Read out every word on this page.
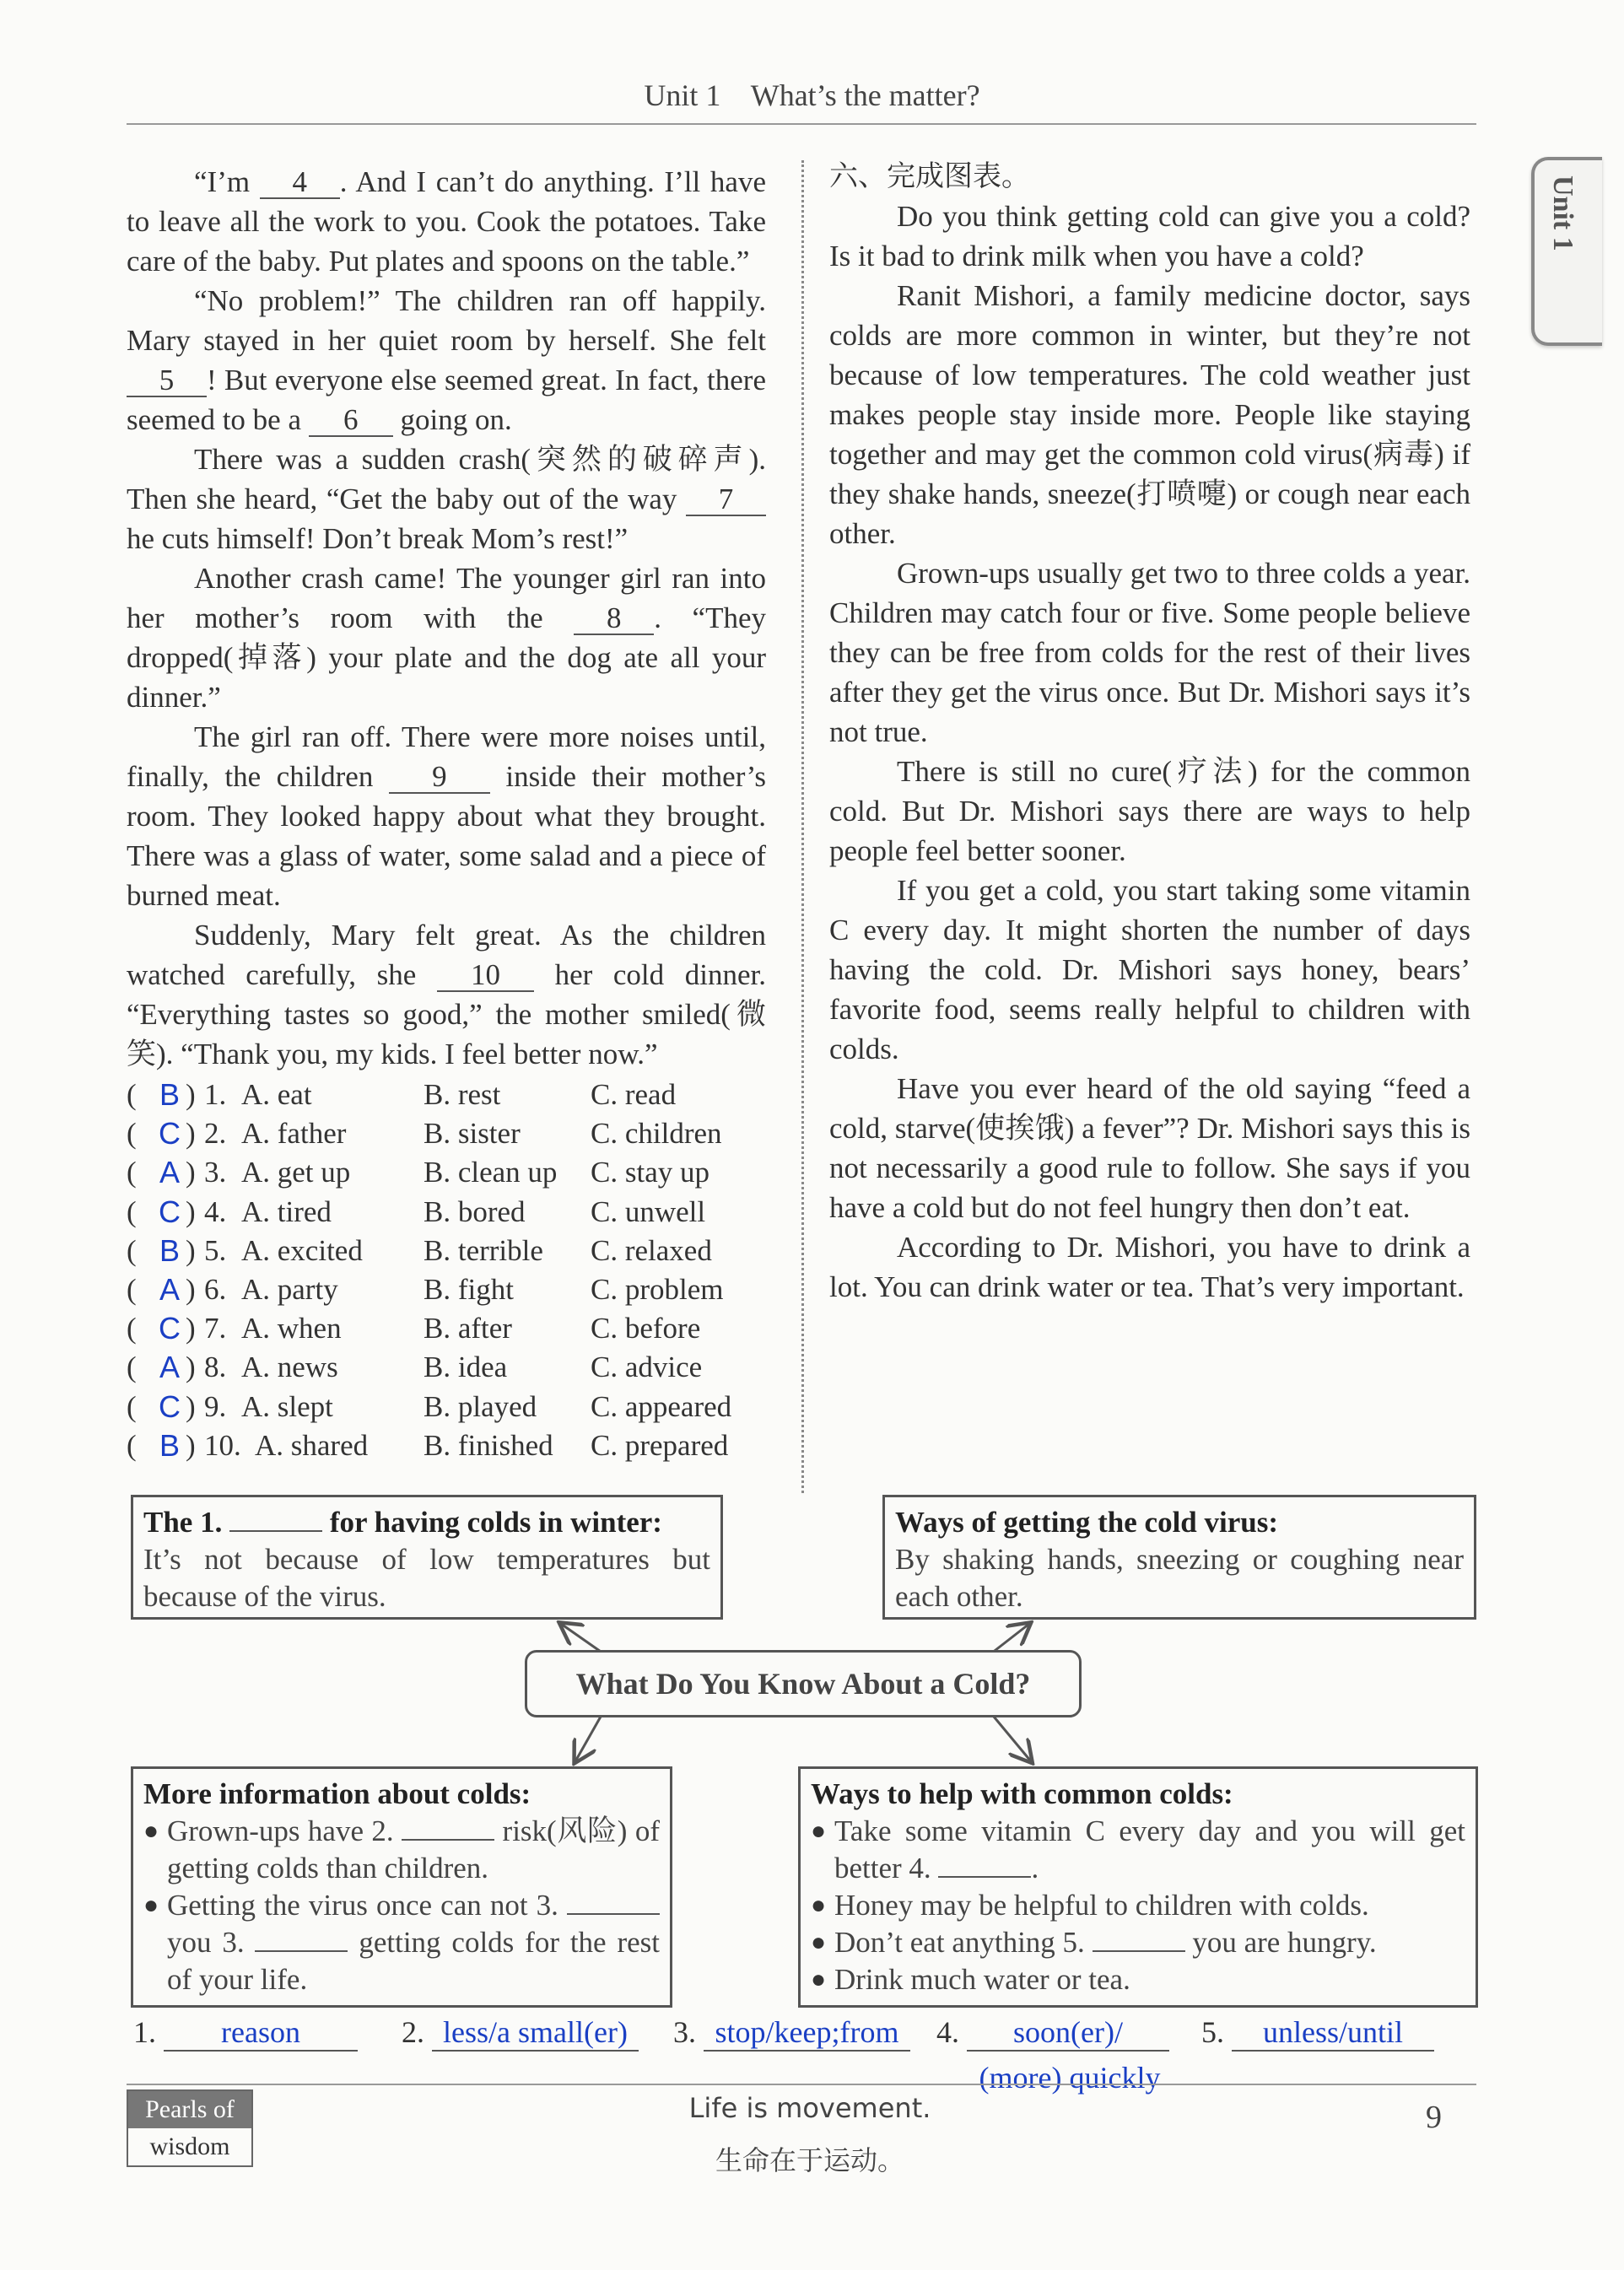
Unit 1    What’s the matter?
Unit 1

“I’m 4 . And I can’t do anything. I’ll have to leave all the work to you. Cook the potatoes. Take care of the baby. Put plates and spoons on the table.”

“No problem!” The children ran off happily. Mary stayed in her quiet room by herself. She felt 5 ! But everyone else seemed great. In fact, there seemed to be a 6 going on.

There was a sudden crash(突然的破碎声). Then she heard, “Get the baby out of the way 7 he cuts himself! Don’t break Mom’s rest!”

Another crash came! The younger girl ran into her mother’s room with the 8 . “They dropped(掉落) your plate and the dog ate all your dinner.”

The girl ran off. There were more noises until, finally, the children 9 inside their mother’s room. They looked happy about what they brought. There was a glass of water, some salad and a piece of burned meat.

Suddenly, Mary felt great. As the children watched carefully, she 10 her cold dinner. “Everything tastes so good,” the mother smiled(微笑). “Thank you, my kids. I feel better now.”

( B ) 1. A. eat	B. rest	C. read
( C ) 2. A. father	B. sister	C. children
( A ) 3. A. get up	B. clean up	C. stay up
( C ) 4. A. tired	B. bored	C. unwell
( B ) 5. A. excited	B. terrible	C. relaxed
( A ) 6. A. party	B. fight	C. problem
( C ) 7. A. when	B. after	C. before
( A ) 8. A. news	B. idea	C. advice
( C ) 9. A. slept	B. played	C. appeared
( B ) 10. A. shared	B. finished	C. prepared

六、完成图表。

Do you think getting cold can give you a cold? Is it bad to drink milk when you have a cold?

Ranit Mishori, a family medicine doctor, says colds are more common in winter, but they’re not because of low temperatures. The cold weather just makes people stay inside more. People like staying together and may get the common cold virus(病毒) if they shake hands, sneeze(打喷嚏) or cough near each other.

Grown-ups usually get two to three colds a year. Children may catch four or five. Some people believe they can be free from colds for the rest of their lives after they get the virus once. But Dr. Mishori says it’s not true.

There is still no cure(疗法) for the common cold. But Dr. Mishori says there are ways to help people feel better sooner.

If you get a cold, you start taking some vitamin C every day. It might shorten the number of days having the cold. Dr. Mishori says honey, bears’ favorite food, seems really helpful to children with colds.

Have you ever heard of the old saying “feed a cold, starve(使挨饿) a fever”? Dr. Mishori says this is not necessarily a good rule to follow. She says if you have a cold but do not feel hungry then don’t eat.

According to Dr. Mishori, you have to drink a lot. You can drink water or tea. That’s very important.

The 1.	for having colds in winter:
It’s not because of low temperatures but because of the virus.
Ways of getting the cold virus:
By shaking hands, sneezing or coughing near each other.
What Do You Know About a Cold?
More information about colds:
● Grown-ups have 2.	risk(风险) of getting colds than children.
● Getting the virus once can not 3.  you 3.	getting colds for the rest of your life.
Ways to help with common colds:
● Take some vitamin C every day and you will get better 4.	.
● Honey may be helpful to children with colds.
● Don’t eat anything 5.	you are hungry.
● Drink much water or tea.
1. reason	2. less/a small(er)	3. stop/keep;from	4. soon(er)/	5. unless/until
(more) quickly
Pearls of
wisdom
Life is movement.
生命在于运动。
9
